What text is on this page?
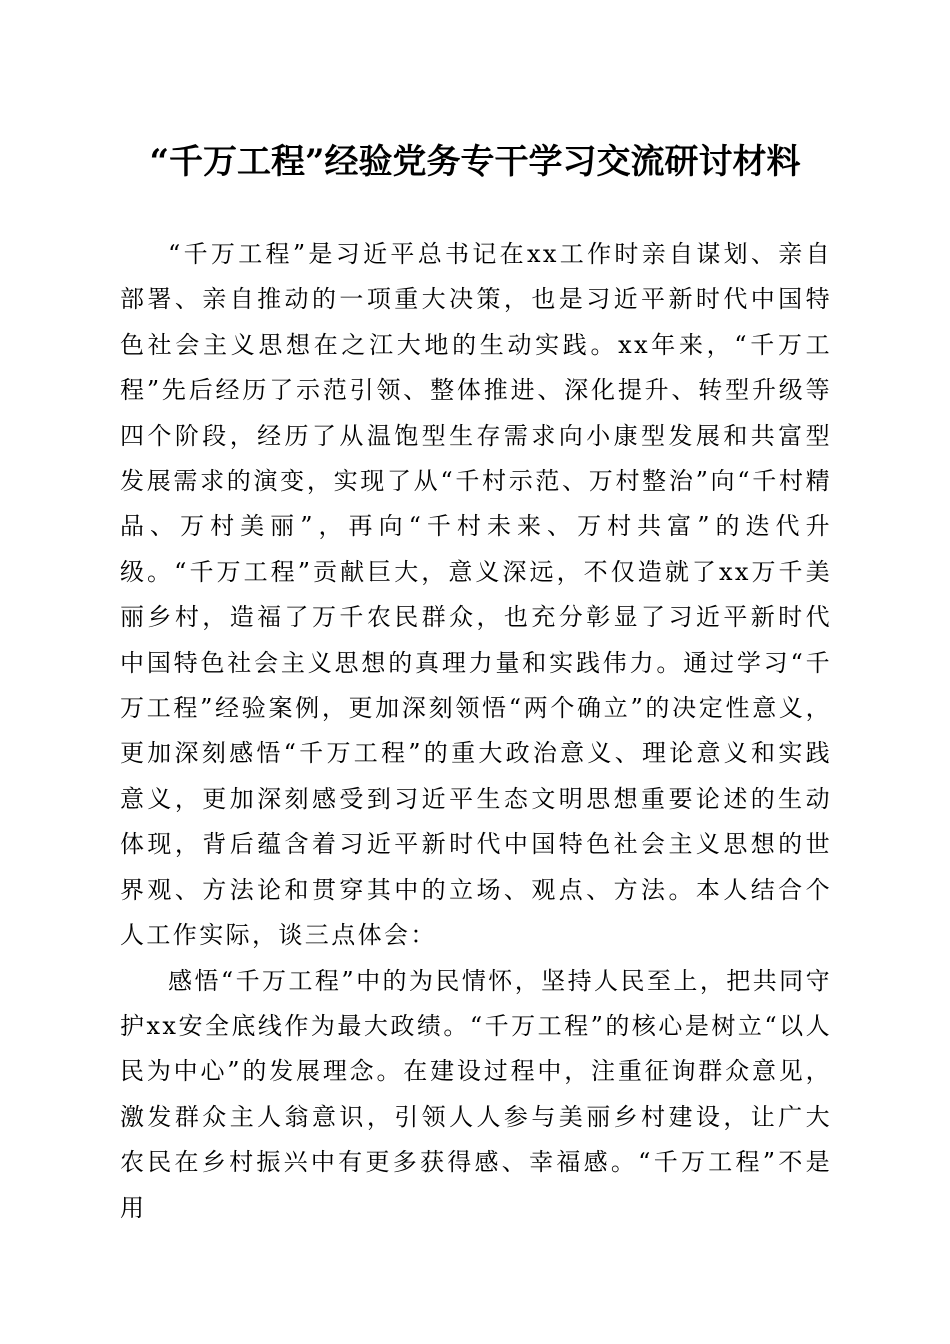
“千万工程”经验党务专干学习交流研讨材料

“千万工程”是习近平总书记在xx工作时亲自谋划、亲自部署、亲自推动的一项重大决策，也是习近平新时代中国特色社会主义思想在之江大地的生动实践。xx年来，“千万工程”先后经历了示范引领、整体推进、深化提升、转型升级等四个阶段，经历了从温饱型生存需求向小康型发展和共富型发展需求的演变，实现了从“千村示范、万村整治”向“千村精品、万村美丽”，再向“千村未来、万村共富”的迭代升级。“千万工程”贡献巨大，意义深远，不仅造就了xx万千美丽乡村，造福了万千农民群众，也充分彰显了习近平新时代中国特色社会主义思想的真理力量和实践伟力。通过学习“千万工程”经验案例，更加深刻领悟“两个确立”的决定性意义，更加深刻感悟“千万工程”的重大政治意义、理论意义和实践意义，更加深刻感受到习近平生态文明思想重要论述的生动体现，背后蕴含着习近平新时代中国特色社会主义思想的世界观、方法论和贯穿其中的立场、观点、方法。本人结合个人工作实际，谈三点体会：

感悟“千万工程”中的为民情怀，坚持人民至上，把共同守护xx安全底线作为最大政绩。“千万工程”的核心是树立“以人民为中心”的发展理念。在建设过程中，注重征询群众意见，激发群众主人翁意识，引领人人参与美丽乡村建设，让广大农民在乡村振兴中有更多获得感、幸福感。“千万工程”不是用
